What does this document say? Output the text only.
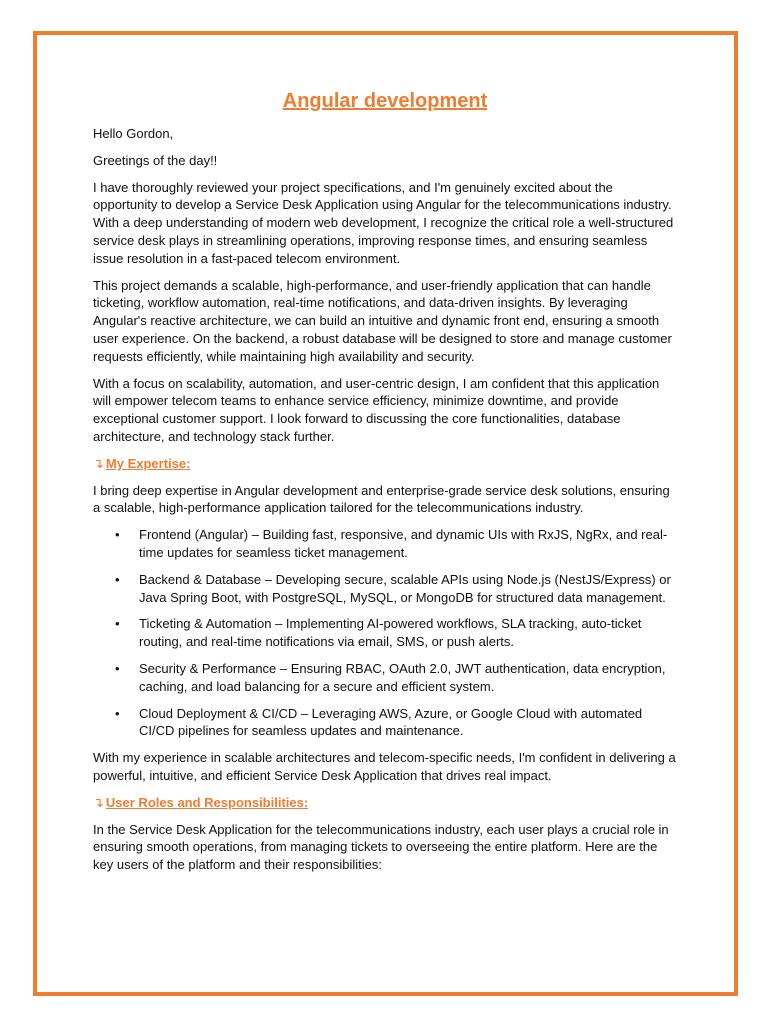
Angular development

Hello Gordon,

Greetings of the day!!

I have thoroughly reviewed your project specifications, and I'm genuinely excited about the opportunity to develop a Service Desk Application using Angular for the telecommunications industry. With a deep understanding of modern web development, I recognize the critical role a well-structured service desk plays in streamlining operations, improving response times, and ensuring seamless issue resolution in a fast-paced telecom environment.

This project demands a scalable, high-performance, and user-friendly application that can handle ticketing, workflow automation, real-time notifications, and data-driven insights. By leveraging Angular's reactive architecture, we can build an intuitive and dynamic front end, ensuring a smooth user experience. On the backend, a robust database will be designed to store and manage customer requests efficiently, while maintaining high availability and security.

With a focus on scalability, automation, and user-centric design, I am confident that this application will empower telecom teams to enhance service efficiency, minimize downtime, and provide exceptional customer support. I look forward to discussing the core functionalities, database architecture, and technology stack further.

↴ My Expertise:

I bring deep expertise in Angular development and enterprise-grade service desk solutions, ensuring a scalable, high-performance application tailored for the telecommunications industry.

• Frontend (Angular) – Building fast, responsive, and dynamic UIs with RxJS, NgRx, and real-time updates for seamless ticket management.
• Backend & Database – Developing secure, scalable APIs using Node.js (NestJS/Express) or Java Spring Boot, with PostgreSQL, MySQL, or MongoDB for structured data management.
• Ticketing & Automation – Implementing AI-powered workflows, SLA tracking, auto-ticket routing, and real-time notifications via email, SMS, or push alerts.
• Security & Performance – Ensuring RBAC, OAuth 2.0, JWT authentication, data encryption, caching, and load balancing for a secure and efficient system.
• Cloud Deployment & CI/CD – Leveraging AWS, Azure, or Google Cloud with automated CI/CD pipelines for seamless updates and maintenance.

With my experience in scalable architectures and telecom-specific needs, I'm confident in delivering a powerful, intuitive, and efficient Service Desk Application that drives real impact.

↴ User Roles and Responsibilities:

In the Service Desk Application for the telecommunications industry, each user plays a crucial role in ensuring smooth operations, from managing tickets to overseeing the entire platform. Here are the key users of the platform and their responsibilities:
